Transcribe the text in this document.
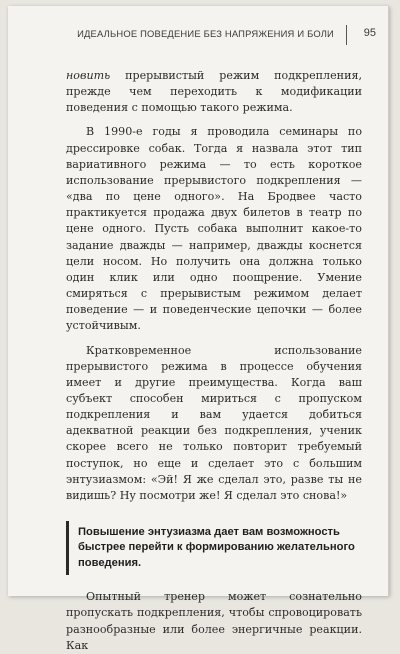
ИДЕАЛЬНОЕ ПОВЕДЕНИЕ БЕЗ НАПРЯЖЕНИЯ И БОЛИ	95

новить прерывистый режим подкрепления, прежде чем переходить к модификации поведения с помощью такого режима.

В 1990-е годы я проводила семинары по дрессировке собак. Тогда я назвала этот тип вариативного режима — то есть короткое использование прерывистого подкрепления — «два по цене одного». На Бродвее часто практикуется продажа двух билетов в театр по цене одного. Пусть собака выполнит какое-то задание дважды — например, дважды коснется цели носом. Но получить она должна только один клик или одно поощрение. Умение смиряться с прерывистым режимом делает поведение — и поведенческие цепочки — более устойчивым.

Кратковременное использование прерывистого режима в процессе обучения имеет и другие преимущества. Когда ваш субъект способен мириться с пропуском подкрепления и вам удается добиться адекватной реакции без подкрепления, ученик скорее всего не только повторит требуемый поступок, но еще и сделает это с большим энтузиазмом: «Эй! Я же сделал это, разве ты не видишь? Ну посмотри же! Я сделал это снова!»

Повышение энтузиазма дает вам возможность быстрее перейти к формированию желательного поведения.

Опытный тренер может сознательно пропускать подкрепления, чтобы спровоцировать разнообразные или более энергичные реакции. Как
